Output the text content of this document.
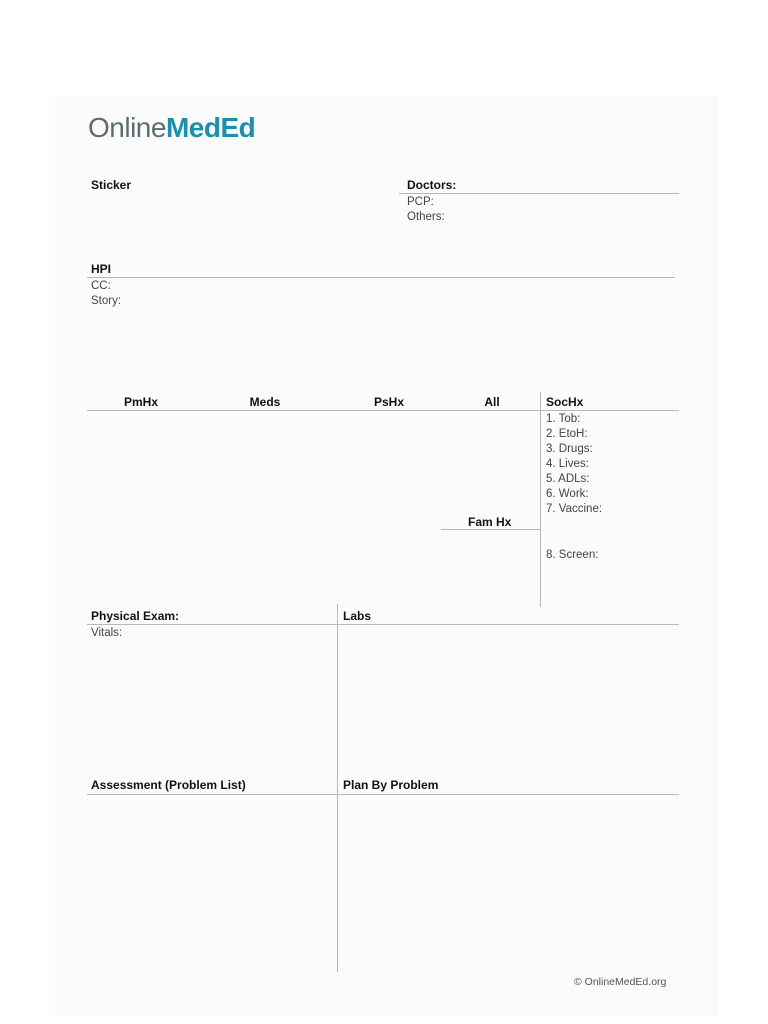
OnlineMedEd
Sticker	Doctors:
PCP:
Others:
HPI
CC:
Story:
PmHx	Meds	PsHx	All	SocHx
1. Tob:
2. EtoH:
3. Drugs:
4. Lives:
5. ADLs:
6. Work:
7. Vaccine:
Fam Hx
8. Screen:
Physical Exam:	Labs
Vitals:
Assessment (Problem List)	Plan By Problem
© OnlineMedEd.org
